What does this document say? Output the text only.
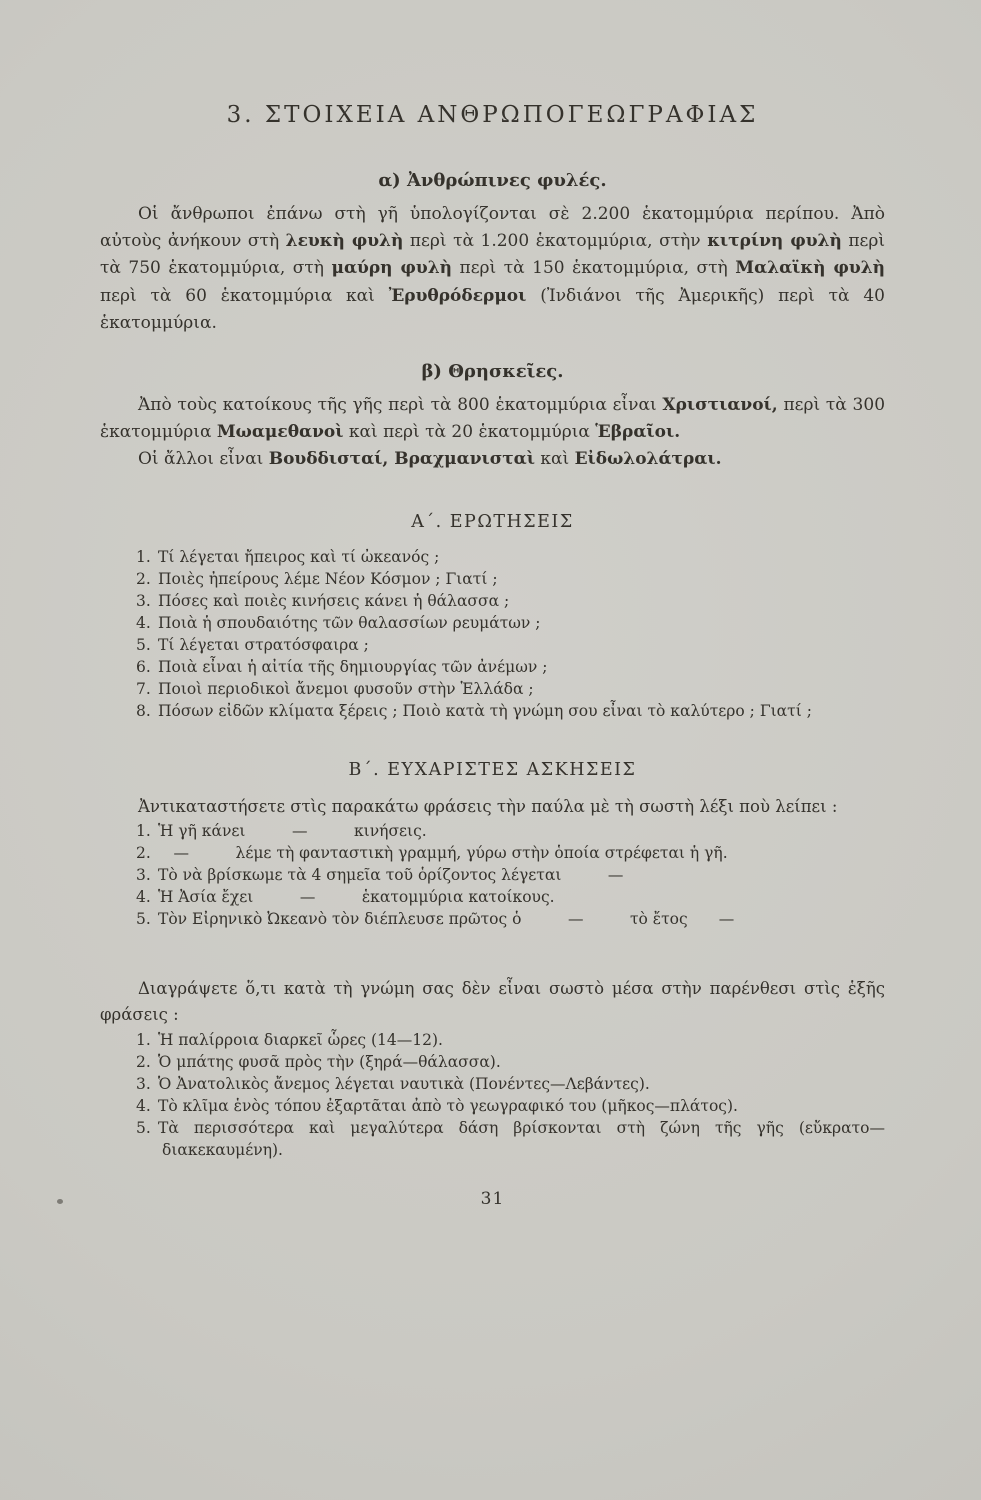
3. ΣΤΟΙΧΕΙΑ ΑΝΘΡΩΠΟΓΕΩΓΡΑΦΙΑΣ
α) Ἀνθρώπινες φυλές.

Οἱ ἄνθρωποι ἐπάνω στὴ γῆ ὑπολογίζονται σὲ 2.200 ἑκατομμύρια περίπου. Ἀπὸ αὐτοὺς ἀνήκουν στὴ λευκὴ φυλὴ περὶ τὰ 1.200 ἑκατομμύρια, στὴν κιτρίνη φυλὴ περὶ τὰ 750 ἑκατομμύρια, στὴ μαύρη φυλὴ περὶ τὰ 150 ἑκατομμύρια, στὴ Μαλαϊκὴ φυλὴ περὶ τὰ 60 ἑκατομμύρια καὶ Ἐρυθρόδερμοι (Ἰνδιάνοι τῆς Ἀμερικῆς) περὶ τὰ 40 ἑκατομμύρια.

β) Θρησκεῖες.

Ἀπὸ τοὺς κατοίκους τῆς γῆς περὶ τὰ 800 ἑκατομμύρια εἶναι Χριστιανοί, περὶ τὰ 300 ἑκατομμύρια Μωαμεθανοὶ καὶ περὶ τὰ 20 ἑκατομμύρια Ἑβραῖοι.

Οἱ ἄλλοι εἶναι Βουδδισταί, Βραχμανισταὶ καὶ Εἰδωλολάτραι.

Α΄. ΕΡΩΤΗΣΕΙΣ
1. Τί λέγεται ἤπειρος καὶ τί ὠκεανός ;
2. Ποιὲς ἠπείρους λέμε Νέον Κόσμον ; Γιατί ;
3. Πόσες καὶ ποιὲς κινήσεις κάνει ἡ θάλασσα ;
4. Ποιὰ ἡ σπουδαιότης τῶν θαλασσίων ρευμάτων ;
5. Τί λέγεται στρατόσφαιρα ;
6. Ποιὰ εἶναι ἡ αἰτία τῆς δημιουργίας τῶν ἀνέμων ;
7. Ποιοὶ περιοδικοὶ ἄνεμοι φυσοῦν στὴν Ἑλλάδα ;
8. Πόσων εἰδῶν κλίματα ξέρεις ; Ποιὸ κατὰ τὴ γνώμη σου εἶναι τὸ καλύτερο ; Γιατί ;
Β΄. ΕΥΧΑΡΙΣΤΕΣ ΑΣΚΗΣΕΙΣ

Ἀντικαταστήσετε στὶς παρακάτω φράσεις τὴν παύλα μὲ τὴ σωστὴ λέξι ποὺ λείπει :

1. Ἡ γῆ κάνει   —   κινήσεις.
2. —   λέμε τὴ φανταστικὴ γραμμή, γύρω στὴν ὁποία στρέφεται ἡ γῆ.
3. Τὸ νὰ βρίσκωμε τὰ 4 σημεῖα τοῦ ὁρίζοντος λέγεται   —
4. Ἡ Ἀσία ἔχει   —   ἑκατομμύρια κατοίκους.
5. Τὸν Εἰρηνικὸ Ὠκεανὸ τὸν διέπλευσε πρῶτος ὁ   —   τὸ ἔτος  —

Διαγράψετε ὅ,τι κατὰ τὴ γνώμη σας δὲν εἶναι σωστὸ μέσα στὴν παρένθεσι στὶς ἑξῆς φράσεις :

1. Ἡ παλίρροια διαρκεῖ ὧρες (14—12).
2. Ὁ μπάτης φυσᾶ πρὸς τὴν (ξηρά—θάλασσα).
3. Ὁ Ἀνατολικὸς ἄνεμος λέγεται ναυτικὰ (Πονέντες—Λεβάντες).
4. Τὸ κλῖμα ἑνὸς τόπου ἐξαρτᾶται ἀπὸ τὸ γεωγραφικό του (μῆκος—πλάτος).
5. Τὰ περισσότερα καὶ μεγαλύτερα δάση βρίσκονται στὴ ζώνη τῆς γῆς (εὔκρατο—διακεκαυμένη).
31
